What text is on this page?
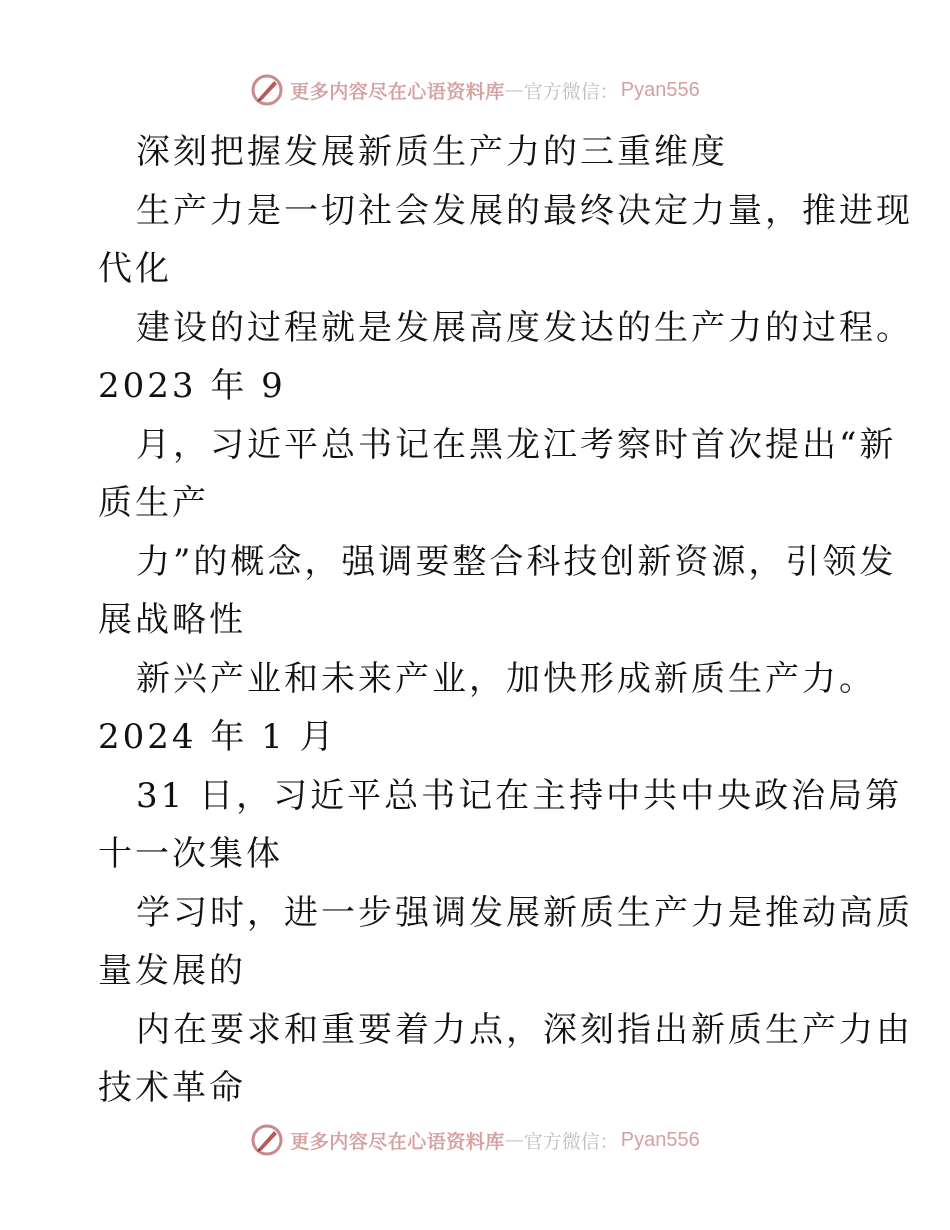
更多内容尽在心语资料库 — 官方微信： Pyan556
深刻把握发展新质生产力的三重维度
生产力是一切社会发展的最终决定力量，推进现
代化
建设的过程就是发展高度发达的生产力的过程。
2023 年 9
月，习近平总书记在黑龙江考察时首次提出“新
质生产
力”的概念，强调要整合科技创新资源，引领发
展战略性
新兴产业和未来产业，加快形成新质生产力。
2024 年 1 月
31 日，习近平总书记在主持中共中央政治局第
十一次集体
学习时，进一步强调发展新质生产力是推动高质
量发展的
内在要求和重要着力点，深刻指出新质生产力由
技术革命
更多内容尽在心语资料库 — 官方微信： Pyan556
